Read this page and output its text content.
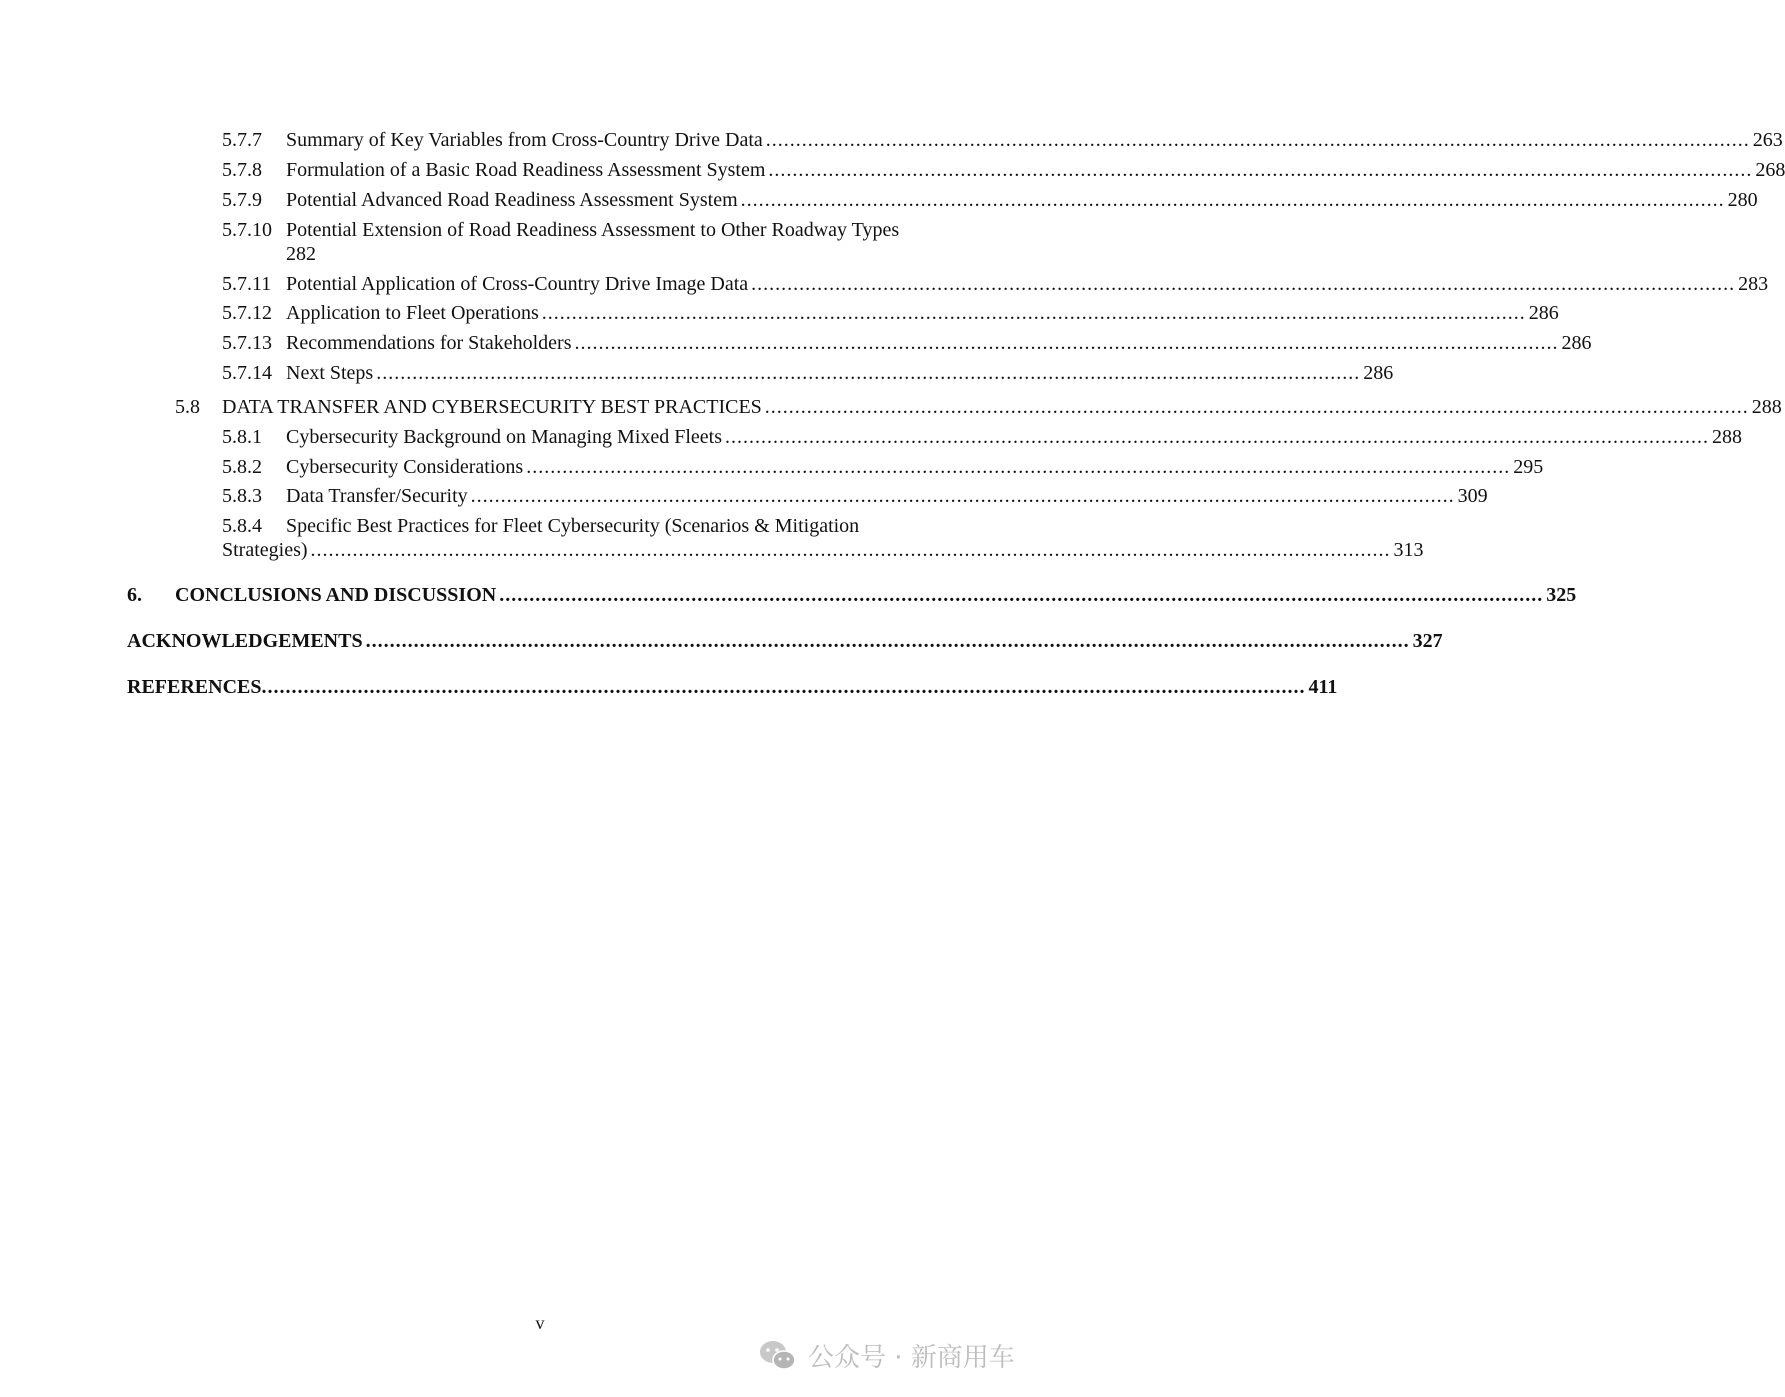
5.7.7 Summary of Key Variables from Cross-Country Drive Data .................................................................................................................................................................... 263
5.7.8 Formulation of a Basic Road Readiness Assessment System .................................................................................................................................................................... 268
5.7.9 Potential Advanced Road Readiness Assessment System .................................................................................................................................................................... 280
5.7.10 Potential Extension of Road Readiness Assessment to Other Roadway Types
282
5.7.11 Potential Application of Cross-Country Drive Image Data .................................................................................................................................................................... 283
5.7.12 Application to Fleet Operations .................................................................................................................................................................... 286
5.7.13 Recommendations for Stakeholders .................................................................................................................................................................... 286
5.7.14 Next Steps .................................................................................................................................................................... 286
5.8 DATA TRANSFER AND CYBERSECURITY BEST PRACTICES .................................................................................................................................................................... 288
5.8.1 Cybersecurity Background on Managing Mixed Fleets .................................................................................................................................................................... 288
5.8.2 Cybersecurity Considerations .................................................................................................................................................................... 295
5.8.3 Data Transfer/Security .................................................................................................................................................................... 309
5.8.4 Specific Best Practices for Fleet Cybersecurity (Scenarios & Mitigation
Strategies) .................................................................................................................................................................................... 313
6. CONCLUSIONS AND DISCUSSION .............................................................................................................................................................................. 325
ACKNOWLEDGEMENTS .............................................................................................................................................................................. 327
REFERENCES .............................................................................................................................................................................. 411
v
公众号 · 新商用车
